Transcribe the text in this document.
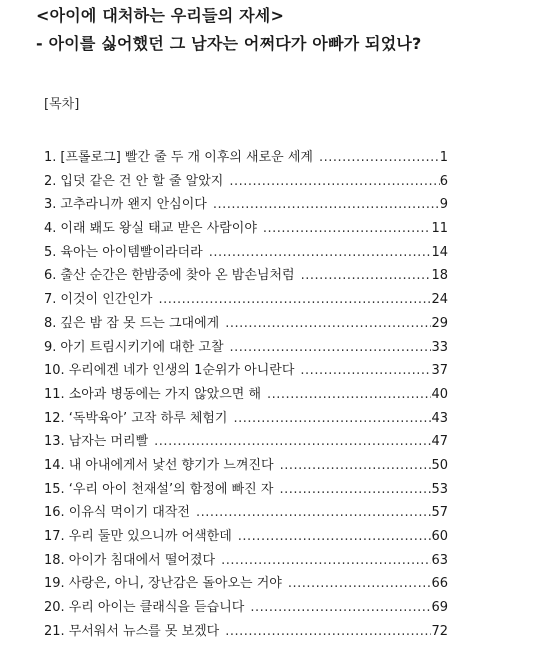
<아이에 대처하는 우리들의 자세>
- 아이를 싫어했던 그 남자는 어쩌다가 아빠가 되었나?
[목차]
1. [프롤로그] 빨간 줄 두 개 이후의 새로운 세계 .....	1
2. 입덧 같은 건 안 할 줄 알았지 .....	6
3. 고추라니까 왠지 안심이다 .....	9
4. 이래 봬도 왕실 태교 받은 사람이야 .....	11
5. 육아는 아이템빨이라더라 .....	14
6. 출산 순간은 한밤중에 찾아 온 밤손님처럼 .....	18
7. 이것이 인간인가 .....	24
8. 깊은 밤 잠 못 드는 그대에게 .....	29
9. 아기 트림시키기에 대한 고찰 .....	33
10. 우리에겐 네가 인생의 1순위가 아니란다 .....	37
11. 소아과 병동에는 가지 않았으면 해 .....	40
12. ‘독박육아’ 고작 하루 체험기 .....	43
13. 남자는 머리빨 .....	47
14. 내 아내에게서 낯선 향기가 느껴진다 .....	50
15. ‘우리 아이 천재설’의 함정에 빠진 자 .....	53
16. 이유식 먹이기 대작전 .....	57
17. 우리 둘만 있으니까 어색한데 .....	60
18. 아이가 침대에서 떨어졌다 .....	63
19. 사랑은, 아니, 장난감은 돌아오는 거야 .....	66
20. 우리 아이는 클래식을 듣습니다 .....	69
21. 무서워서 뉴스를 못 보겠다 .....	72
